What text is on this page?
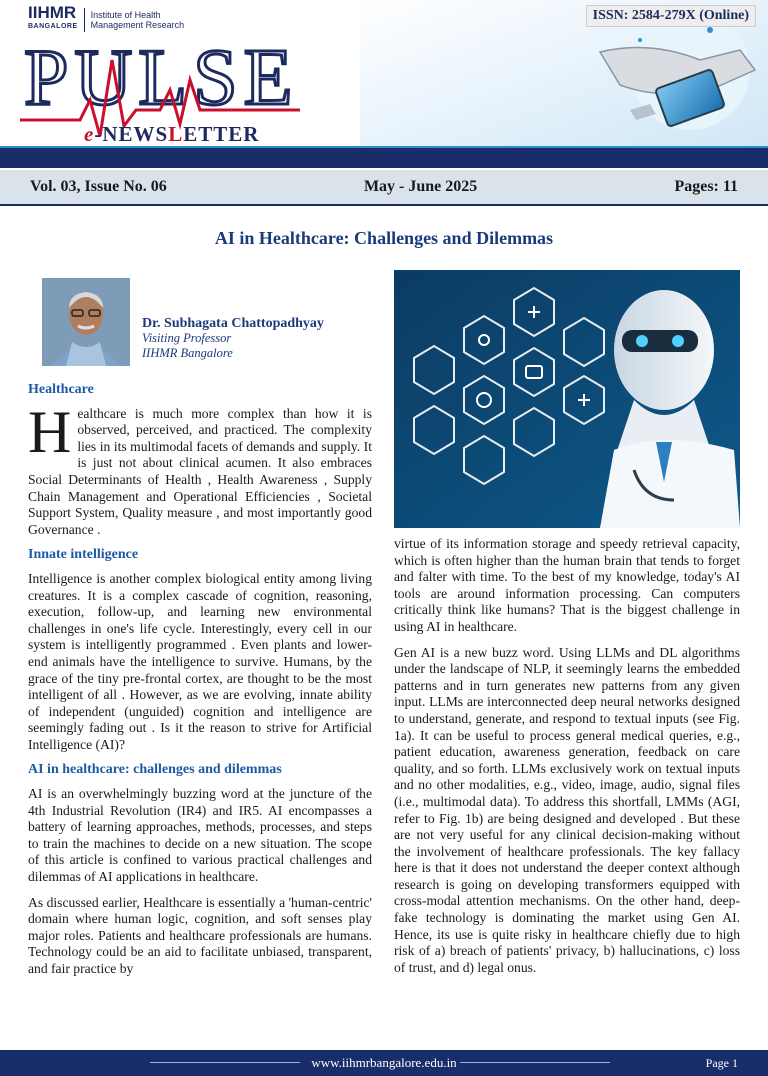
IIHMR
BANGALORE
Institute of Health
Management Research
ISSN: 2584-279X (Online)
PULSE
e-NEWSLETTER
Vol. 03, Issue No. 06	May - June 2025	Pages: 11
AI in Healthcare: Challenges and Dilemmas
Dr. Subhagata Chattopadhyay
Visiting Professor
IIHMR Bangalore
Healthcare

Healthcare is much more complex than how it is observed, perceived, and practiced. The complexity lies in its multimodal facets of demands and supply. It is just not about clinical acumen. It also embraces Social Determinants of Health , Health Awareness , Supply Chain Management and Operational Efficiencies , Societal Support System, Quality measure , and most importantly good Governance .

Innate intelligence

Intelligence is another complex biological entity among living creatures. It is a complex cascade of cognition, reasoning, execution, follow-up, and learning new environmental challenges in one's life cycle. Interestingly, every cell in our system is intelligently programmed . Even plants and lower-end animals have the intelligence to survive. Humans, by the grace of the tiny pre-frontal cortex, are thought to be the most intelligent of all . However, as we are evolving, innate ability of independent (unguided) cognition and intelligence are seemingly fading out . Is it the reason to strive for Artificial Intelligence (AI)?

AI in healthcare: challenges and dilemmas

AI is an overwhelmingly buzzing word at the juncture of the 4th Industrial Revolution (IR4) and IR5. AI encompasses a battery of learning approaches, methods, processes, and steps to train the machines to decide on a new situation. The scope of this article is confined to various practical challenges and dilemmas of AI applications in healthcare.

As discussed earlier, Healthcare is essentially a 'human-centric' domain where human logic, cognition, and soft senses play major roles. Patients and healthcare professionals are humans. Technology could be an aid to facilitate unbiased, transparent, and fair practice by

virtue of its information storage and speedy retrieval capacity, which is often higher than the human brain that tends to forget and falter with time. To the best of my knowledge, today's AI tools are around information processing. Can computers critically think like humans? That is the biggest challenge in using AI in healthcare.

Gen AI is a new buzz word. Using LLMs and DL algorithms under the landscape of NLP, it seemingly learns the embedded patterns and in turn generates new patterns from any given input. LLMs are interconnected deep neural networks designed to understand, generate, and respond to textual inputs (see Fig. 1a). It can be useful to process general medical queries, e.g., patient education, awareness generation, feedback on care quality, and so forth. LLMs exclusively work on textual inputs and no other modalities, e.g., video, image, audio, signal files (i.e., multimodal data). To address this shortfall, LMMs (AGI, refer to Fig. 1b) are being designed and developed . But these are not very useful for any clinical decision-making without the involvement of healthcare professionals. The key fallacy here is that it does not understand the deeper context although research is going on developing transformers equipped with cross-modal attention mechanisms. On the other hand, deep-fake technology is dominating the market using Gen AI. Hence, its use is quite risky in healthcare chiefly due to high risk of a) breach of patients' privacy, b) hallucinations, c) loss of trust, and d) legal onus.

www.iihmrbangalore.edu.in	Page 1
